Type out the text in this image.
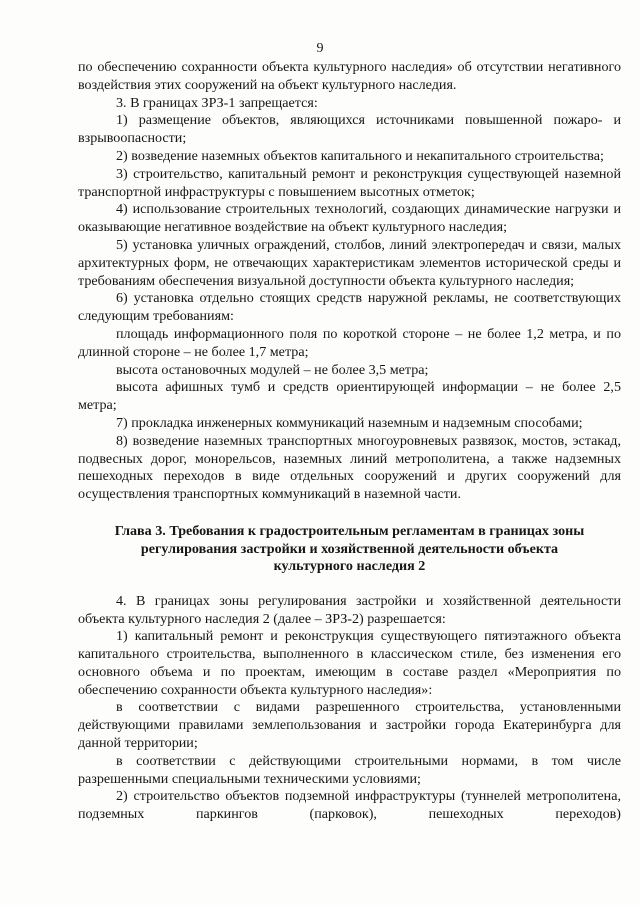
9

по обеспечению сохранности объекта культурного наследия» об отсутствии негативного воздействия этих сооружений на объект культурного наследия.

3. В границах ЗРЗ-1 запрещается:

1) размещение объектов, являющихся источниками повышенной пожаро- и взрывоопасности;

2) возведение наземных объектов капитального и некапитального строительства;

3) строительство, капитальный ремонт и реконструкция существующей наземной транспортной инфраструктуры с повышением высотных отметок;

4) использование строительных технологий, создающих динамические нагрузки и оказывающие негативное воздействие на объект культурного наследия;

5) установка уличных ограждений, столбов, линий электропередач и связи, малых архитектурных форм, не отвечающих характеристикам элементов исторической среды и требованиям обеспечения визуальной доступности объекта культурного наследия;

6) установка отдельно стоящих средств наружной рекламы, не соответствующих следующим требованиям:

площадь информационного поля по короткой стороне – не более 1,2 метра, и по длинной стороне – не более 1,7 метра;

высота остановочных модулей – не более 3,5 метра;

высота афишных тумб и средств ориентирующей информации – не более 2,5 метра;

7) прокладка инженерных коммуникаций наземным и надземным способами;

8) возведение наземных транспортных многоуровневых развязок, мостов, эстакад, подвесных дорог, монорельсов, наземных линий метрополитена, а также надземных пешеходных переходов в виде отдельных сооружений и других сооружений для осуществления транспортных коммуникаций в наземной части.

Глава 3. Требования к градостроительным регламентам в границах зоны
регулирования застройки и хозяйственной деятельности объекта
культурного наследия 2

4. В границах зоны регулирования застройки и хозяйственной деятельности объекта культурного наследия 2 (далее – ЗРЗ-2) разрешается:

1) капитальный ремонт и реконструкция существующего пятиэтажного объекта капитального строительства, выполненного в классическом стиле, без изменения его основного объема и по проектам, имеющим в составе раздел «Мероприятия по обеспечению сохранности объекта культурного наследия»:

в соответствии с видами разрешенного строительства, установленными действующими правилами землепользования и застройки города Екатеринбурга для данной территории;

в соответствии с действующими строительными нормами, в том числе разрешенными специальными техническими условиями;

2) строительство объектов подземной инфраструктуры (туннелей метрополитена, подземных паркингов (парковок), пешеходных переходов)
